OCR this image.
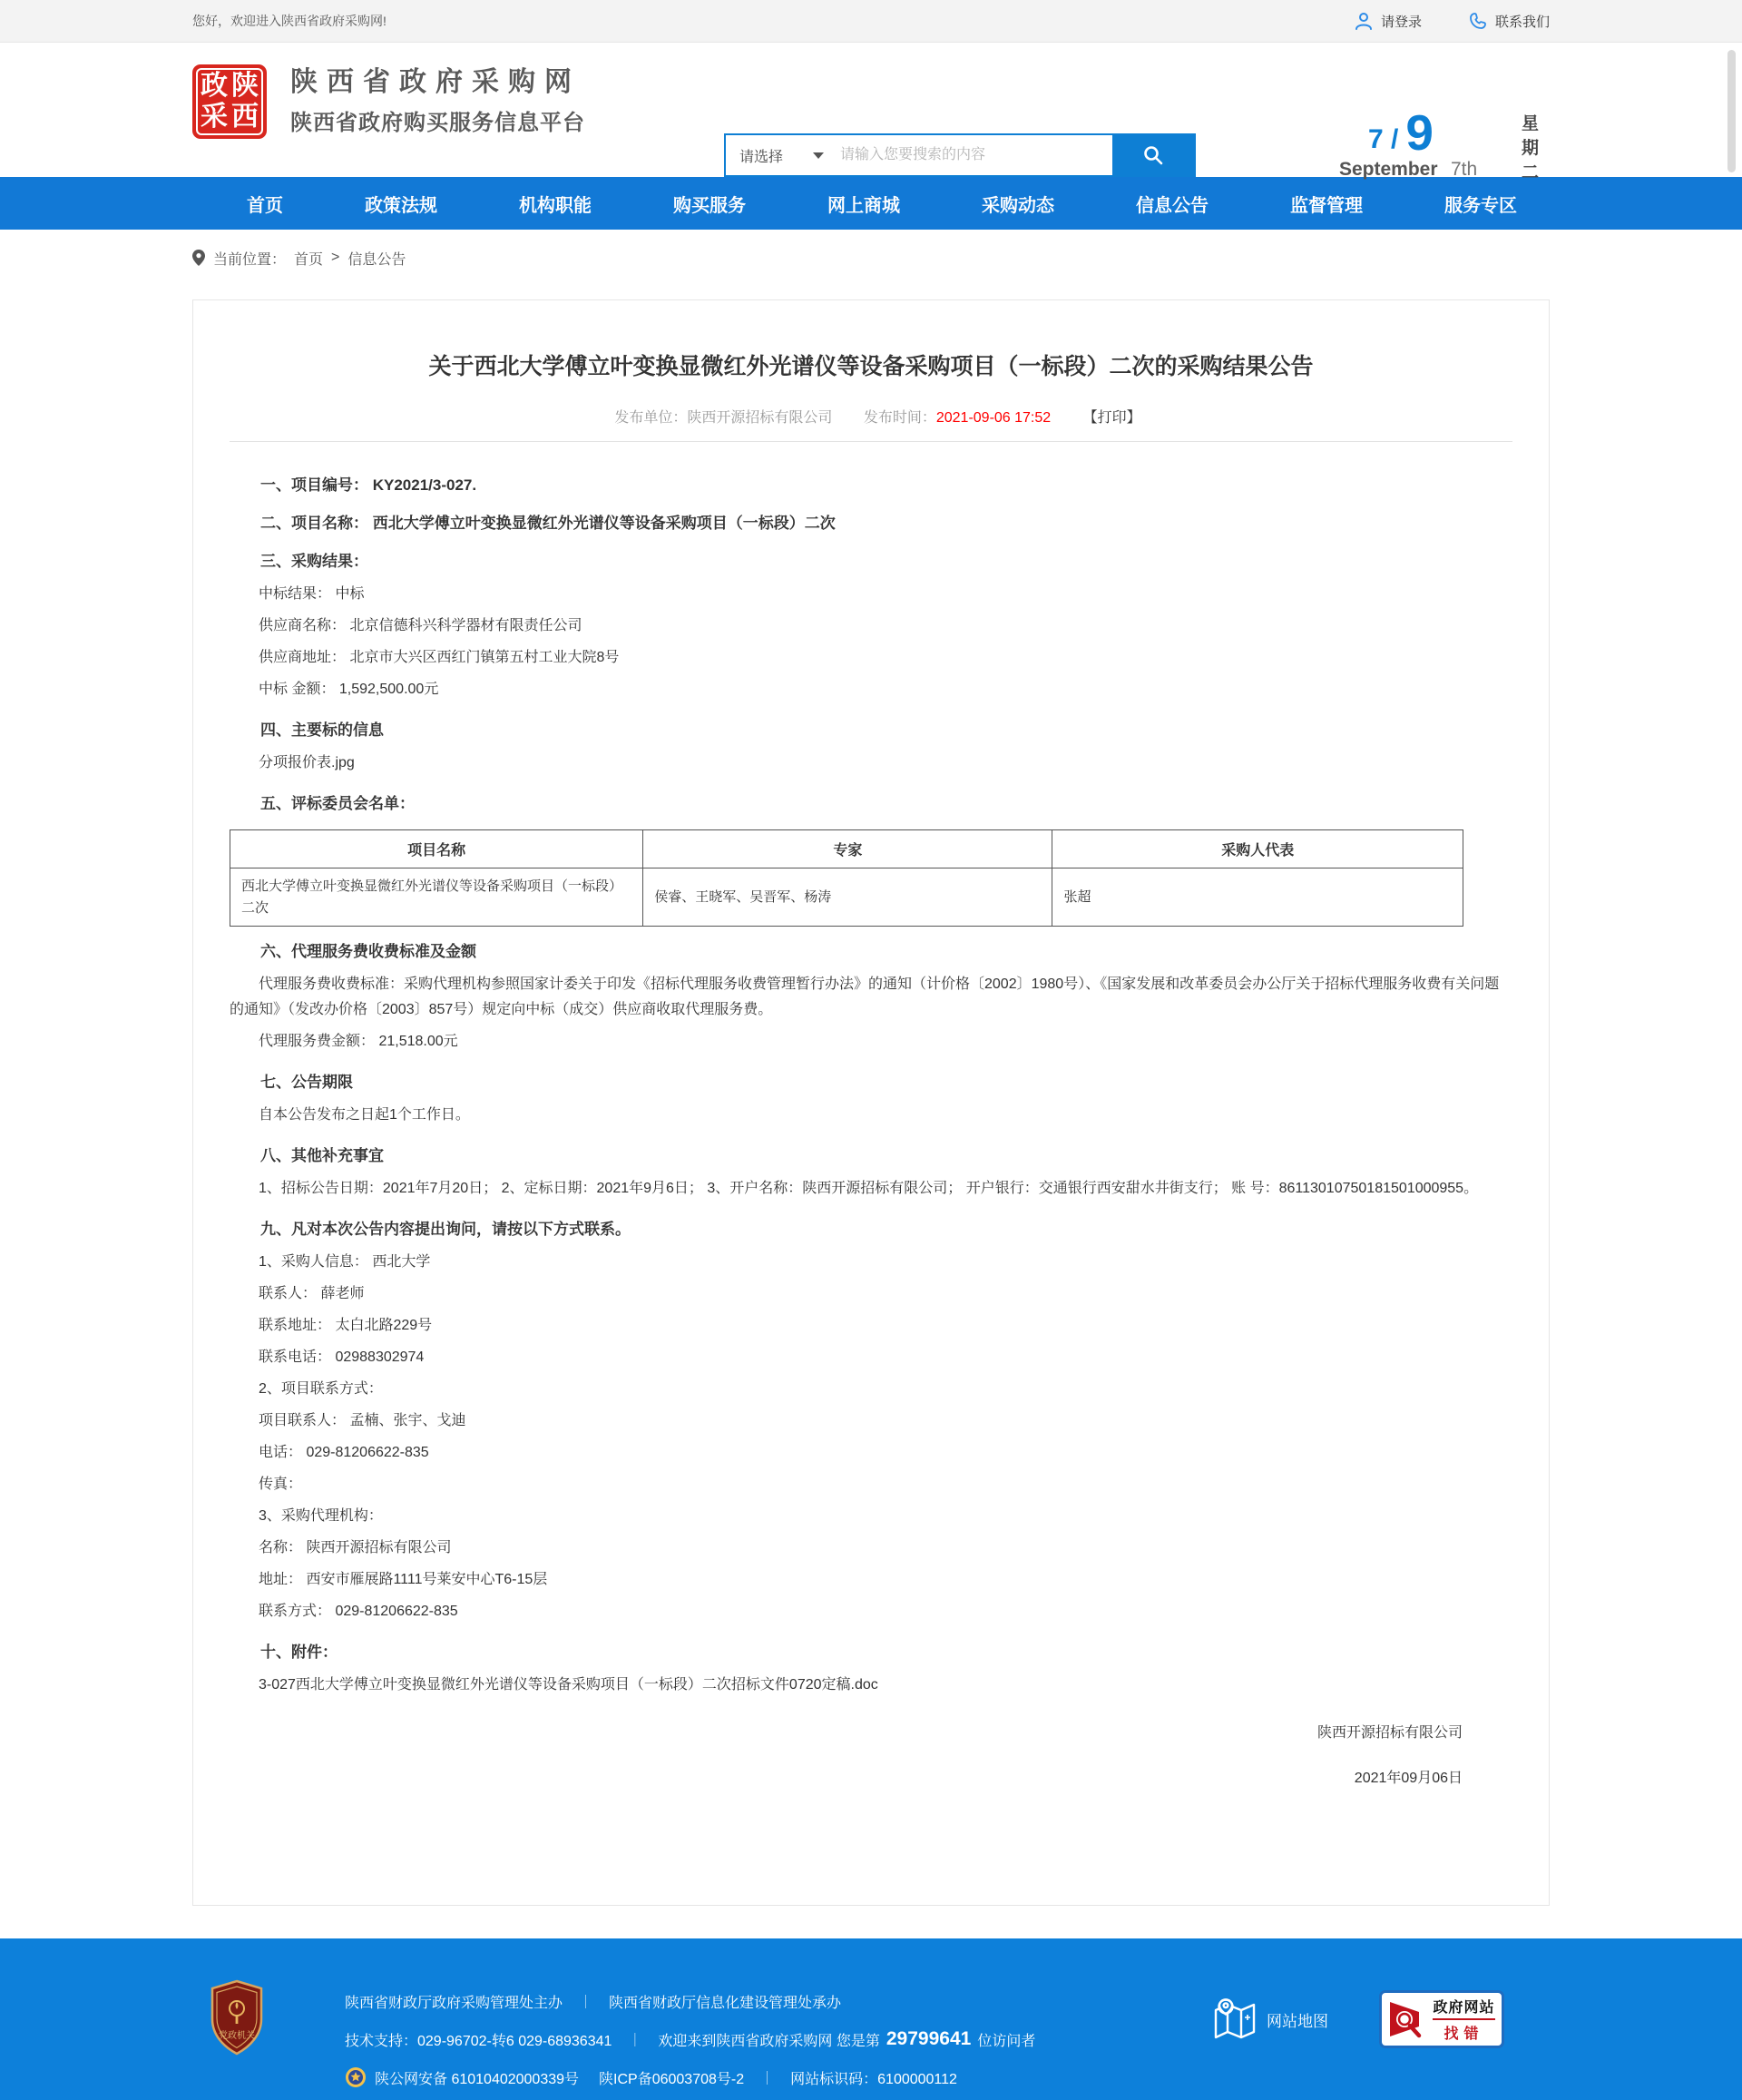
您好，欢迎进入陕西省政府采购网!	请登录	联系我们
政 陕
采 西
陕西省政府采购网
陕西省政府购买服务信息平台
请选择
请输入您要搜索的内容
7 / 9
September 7th
星
期
二
首页	政策法规	机构职能	购买服务	网上商城	采购动态	信息公告	监督管理	服务专区
当前位置： 首页 > 信息公告
关于西北大学傅立叶变换显微红外光谱仪等设备采购项目（一标段）二次的采购结果公告
发布单位：陕西开源招标有限公司 发布时间：2021-09-06 17:52 【打印】
一、项目编号： KY2021/3-027.
二、项目名称： 西北大学傅立叶变换显微红外光谱仪等设备采购项目（一标段）二次
三、采购结果：
中标结果： 中标
供应商名称： 北京信德科兴科学器材有限责任公司
供应商地址： 北京市大兴区西红门镇第五村工业大院8号
中标 金额： 1,592,500.00元
四、主要标的信息
分项报价表.jpg
五、评标委员会名单：
项目名称	专家	采购人代表
西北大学傅立叶变换显微红外光谱仪等设备采购项目（一标段）二次	侯睿、王晓军、吴晋军、杨涛	张超
六、代理服务费收费标准及金额
代理服务费收费标准：采购代理机构参照国家计委关于印发《招标代理服务收费管理暂行办法》的通知（计价格〔2002〕1980号）、《国家发展和改革委员会办公厅关于招标代理服务收费有关问题的通知》（发改办价格〔2003〕857号）规定向中标（成交）供应商收取代理服务费。
代理服务费金额： 21,518.00元
七、公告期限
自本公告发布之日起1个工作日。
八、其他补充事宜
1、招标公告日期：2021年7月20日； 2、定标日期：2021年9月6日； 3、开户名称：陕西开源招标有限公司； 开户银行：交通银行西安甜水井街支行； 账 号：86113010750181501000955。
九、凡对本次公告内容提出询问，请按以下方式联系。
1、采购人信息： 西北大学
联系人： 薛老师
联系地址： 太白北路229号
联系电话： 02988302974
2、项目联系方式：
项目联系人： 孟楠、张宇、戈迪
电话： 029-81206622-835
传真：
3、采购代理机构：
名称： 陕西开源招标有限公司
地址： 西安市雁展路1111号莱安中心T6-15层
联系方式： 029-81206622-835
十、附件：
3-027西北大学傅立叶变换显微红外光谱仪等设备采购项目（一标段）二次招标文件0720定稿.doc
陕西开源招标有限公司
2021年09月06日
党政机关
陕西省财政厅政府采购管理处主办 ｜ 陕西省财政厅信息化建设管理处承办
技术支持：029-96702-转6 029-68936341 ｜ 欢迎来到陕西省政府采购网 您是第 29799641 位访问者
陕公网安备 61010402000339号 陕ICP备06003708号-2 ｜ 网站标识码：6100000112
网站地图
政府网站
找错
